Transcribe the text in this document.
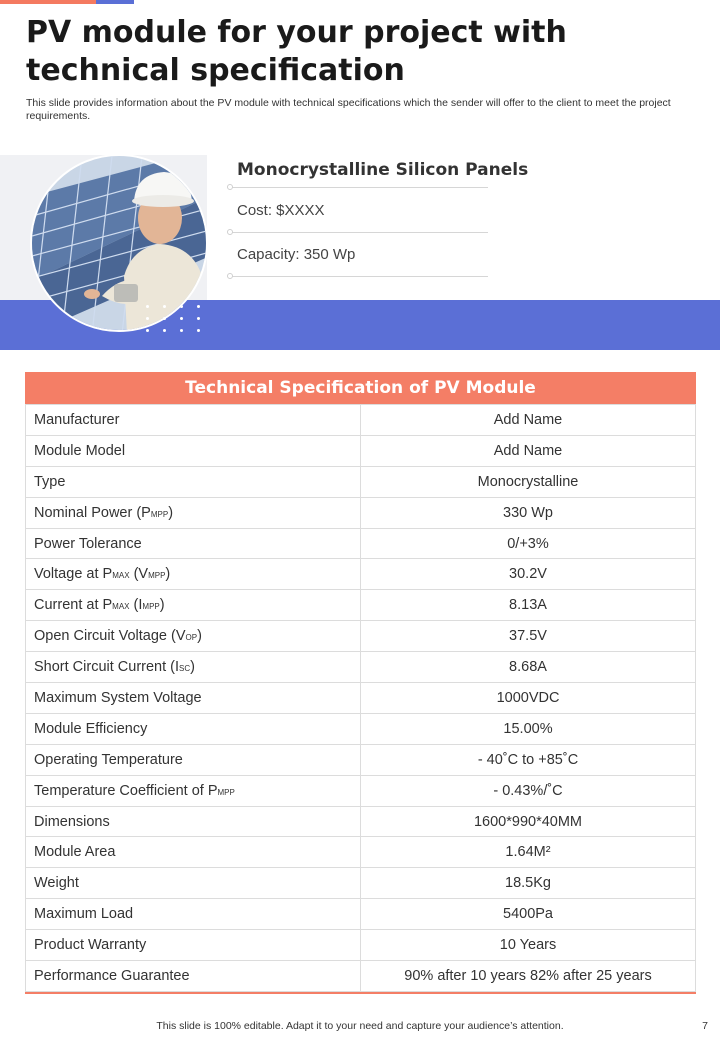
PV module for your project with technical specification

This slide provides information about the PV module with technical specifications which the sender will offer to the client to meet the project requirements.

Monocrystalline Silicon Panels
Cost: $XXXX
Capacity: 350 Wp
Technical Specification of PV Module
Manufacturer	Add Name
Module Model	Add Name
Type	Monocrystalline
Nominal Power (PMPP)	330 Wp
Power Tolerance	0/+3%
Voltage at PMAX (VMPP)	30.2V
Current at PMAX (IMPP)	8.13A
Open Circuit Voltage (VOP)	37.5V
Short Circuit Current (ISC)	8.68A
Maximum System Voltage	1000VDC
Module Efficiency	15.00%
Operating Temperature	- 40˚C to +85˚C
Temperature Coefficient of PMPP	- 0.43%/˚C
Dimensions	1600*990*40MM
Module Area	1.64M²
Weight	18.5Kg
Maximum Load	5400Pa
Product Warranty	10 Years
Performance Guarantee	90% after 10 years 82% after 25 years
This slide is 100% editable. Adapt it to your need and capture your audience’s attention.	7
